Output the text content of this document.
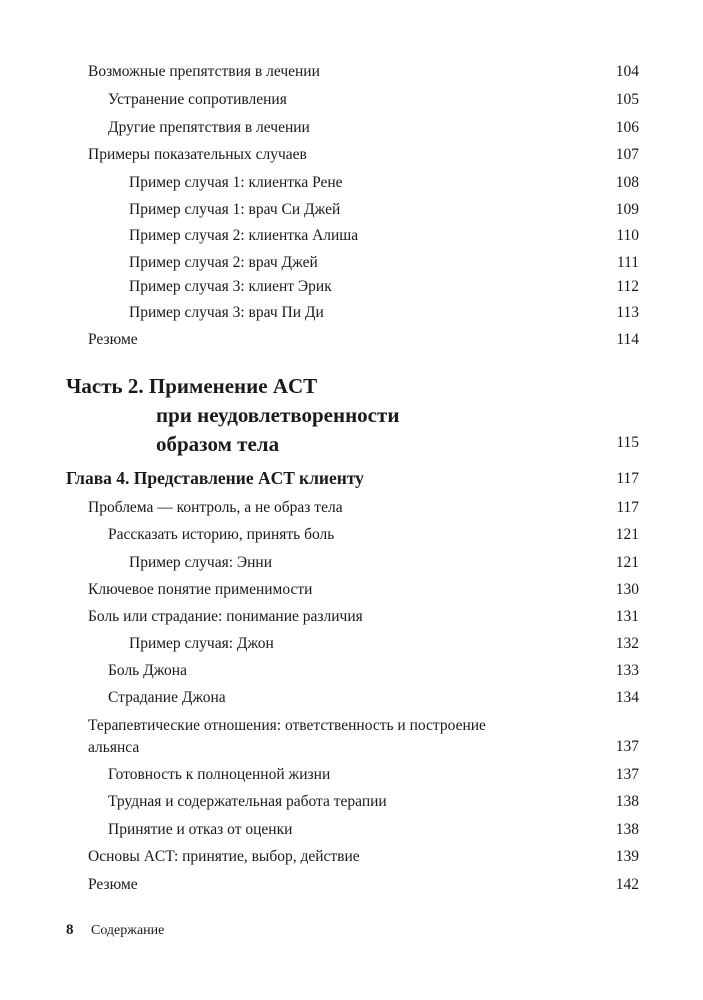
Возможные препятствия в лечении	104
Устранение сопротивления	105
Другие препятствия в лечении	106
Примеры показательных случаев	107
Пример случая 1: клиентка Рене	108
Пример случая 1: врач Си Джей	109
Пример случая 2: клиентка Алиша	110
Пример случая 2: врач Джей	111
Пример случая 3: клиент Эрик	112
Пример случая 3: врач Пи Ди	113
Резюме	114
Часть 2. Применение ACT
при неудовлетворенности
образом тела	115
Глава 4. Представление ACT клиенту	117
Проблема — контроль, а не образ тела	117
Рассказать историю, принять боль	121
Пример случая: Энни	121
Ключевое понятие применимости	130
Боль или страдание: понимание различия	131
Пример случая: Джон	132
Боль Джона	133
Страдание Джона	134
Терапевтические отношения: ответственность и построение альянса	137
Готовность к полноценной жизни	137
Трудная и содержательная работа терапии	138
Принятие и отказ от оценки	138
Основы ACT: принятие, выбор, действие	139
Резюме	142
8 Содержание
